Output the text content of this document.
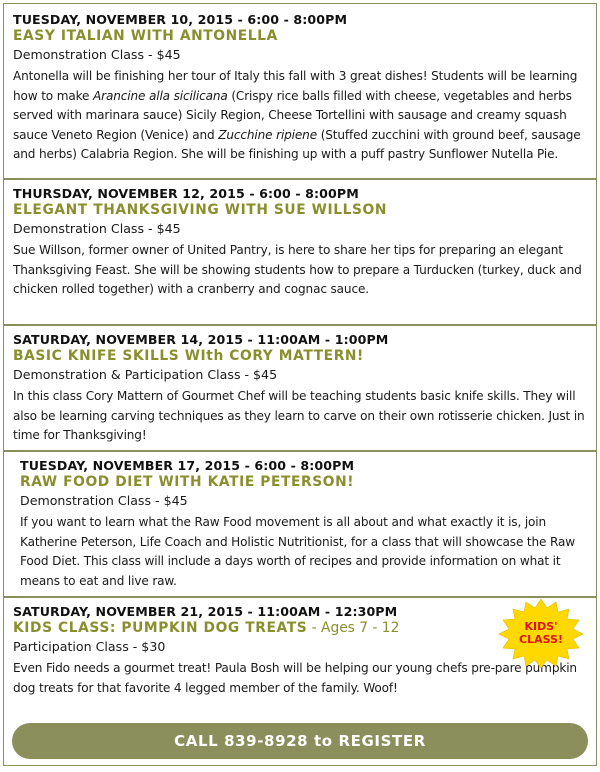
TUESDAY, NOVEMBER 10, 2015 - 6:00 - 8:00PM
EASY ITALIAN WITH ANTONELLA
Demonstration Class - $45
Antonella will be finishing her tour of Italy this fall with 3 great dishes! Students will be learning how to make Arancine alla sicilicana (Crispy rice balls filled with cheese, vegetables and herbs served with marinara sauce) Sicily Region, Cheese Tortellini with sausage and creamy squash sauce Veneto Region (Venice) and Zucchine ripiene (Stuffed zucchini with ground beef, sausage and herbs) Calabria Region. She will be finishing up with a puff pastry Sunflower Nutella Pie.
THURSDAY, NOVEMBER 12, 2015 - 6:00 - 8:00PM
ELEGANT THANKSGIVING WITH SUE WILLSON
Demonstration Class - $45
Sue Willson, former owner of United Pantry, is here to share her tips for preparing an elegant Thanksgiving Feast. She will be showing students how to prepare a Turducken (turkey, duck and chicken rolled together) with a cranberry and cognac sauce.
SATURDAY, NOVEMBER 14, 2015 - 11:00AM - 1:00PM
BASIC KNIFE SKILLS WIth CORY MATTERN!
Demonstration & Participation Class - $45
In this class Cory Mattern of Gourmet Chef will be teaching students basic knife skills. They will also be learning carving techniques as they learn to carve on their own rotisserie chicken. Just in time for Thanksgiving!
TUESDAY, NOVEMBER 17, 2015 - 6:00 - 8:00PM
RAW FOOD DIET WITH KATIE PETERSON!
Demonstration Class - $45
If you want to learn what the Raw Food movement is all about and what exactly it is, join Katherine Peterson, Life Coach and Holistic Nutritionist, for a class that will showcase the Raw Food Diet. This class will include a days worth of recipes and provide information on what it means to eat and live raw.
SATURDAY, NOVEMBER 21, 2015 - 11:00AM - 12:30PM
KIDS CLASS: PUMPKIN DOG TREATS - Ages 7 - 12
Participation Class - $30
Even Fido needs a gourmet treat! Paula Bosh will be helping our young chefs pre-pare pumpkin dog treats for that favorite 4 legged member of the family. Woof!
KIDS'
CLASS!
CALL 839-8928 to REGISTER
